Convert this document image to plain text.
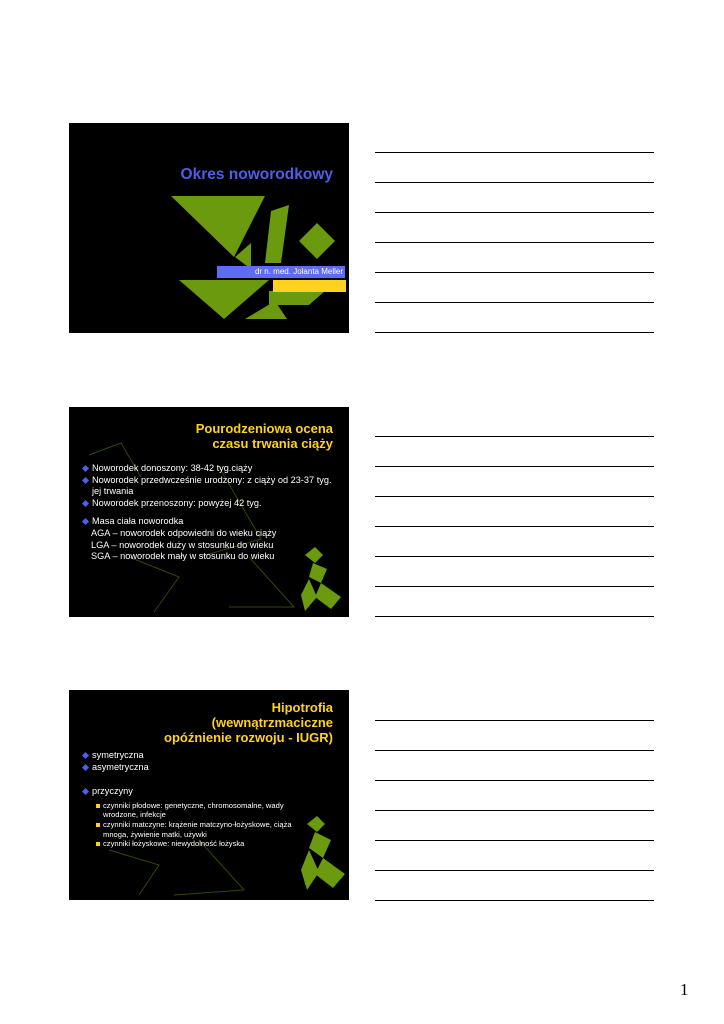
Okres noworodkowy
dr n. med. Jolanta Meller
Pourodzeniowa ocena
czasu trwania ciąży
Noworodek donoszony: 38-42 tyg.ciąży
Noworodek przedwcześnie urodzony: z ciąży od 23-37 tyg. jej trwania
Noworodek przenoszony: powyżej 42 tyg.
Masa ciała noworodka
AGA – noworodek odpowiedni do wieku ciąży
LGA – noworodek duży w stosunku do wieku
SGA – noworodek mały w stosunku do wieku
Hipotrofia
(wewnątrzmaciczne
opóźnienie rozwoju - IUGR)
symetryczna
asymetryczna
przyczyny
czynniki płodowe: genetyczne, chromosomalne, wady wrodzone, infekcje
czynniki matczyne: krążenie matczyno-łożyskowe, ciąża mnoga, żywienie matki, używki
czynniki łożyskowe: niewydolność łożyska
1
